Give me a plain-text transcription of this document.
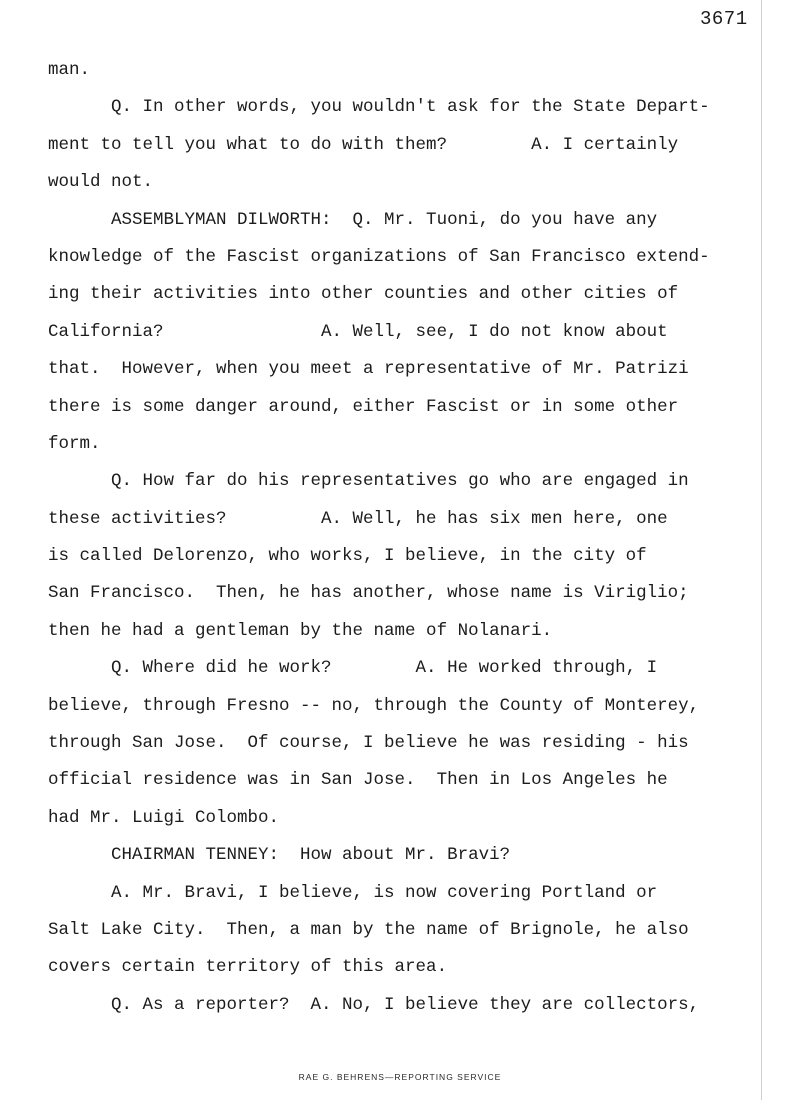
3671
man.
Q. In other words, you wouldn't ask for the State Depart-
ment to tell you what to do with them?        A. I certainly
would not.
ASSEMBLYMAN DILWORTH:  Q. Mr. Tuoni, do you have any
knowledge of the Fascist organizations of San Francisco extend-
ing their activities into other counties and other cities of
California?               A. Well, see, I do not know about
that.  However, when you meet a representative of Mr. Patrizi
there is some danger around, either Fascist or in some other
form.
Q. How far do his representatives go who are engaged in
these activities?         A. Well, he has six men here, one
is called Delorenzo, who works, I believe, in the city of
San Francisco.  Then, he has another, whose name is Viriglio;
then he had a gentleman by the name of Nolanari.
Q. Where did he work?        A. He worked through, I
believe, through Fresno -- no, through the County of Monterey,
through San Jose.  Of course, I believe he was residing - his
official residence was in San Jose.  Then in Los Angeles he
had Mr. Luigi Colombo.
CHAIRMAN TENNEY:  How about Mr. Bravi?
A. Mr. Bravi, I believe, is now covering Portland or
Salt Lake City.  Then, a man by the name of Brignole, he also
covers certain territory of this area.
Q. As a reporter?  A. No, I believe they are collectors,
RAE G. BEHRENS—REPORTING SERVICE
